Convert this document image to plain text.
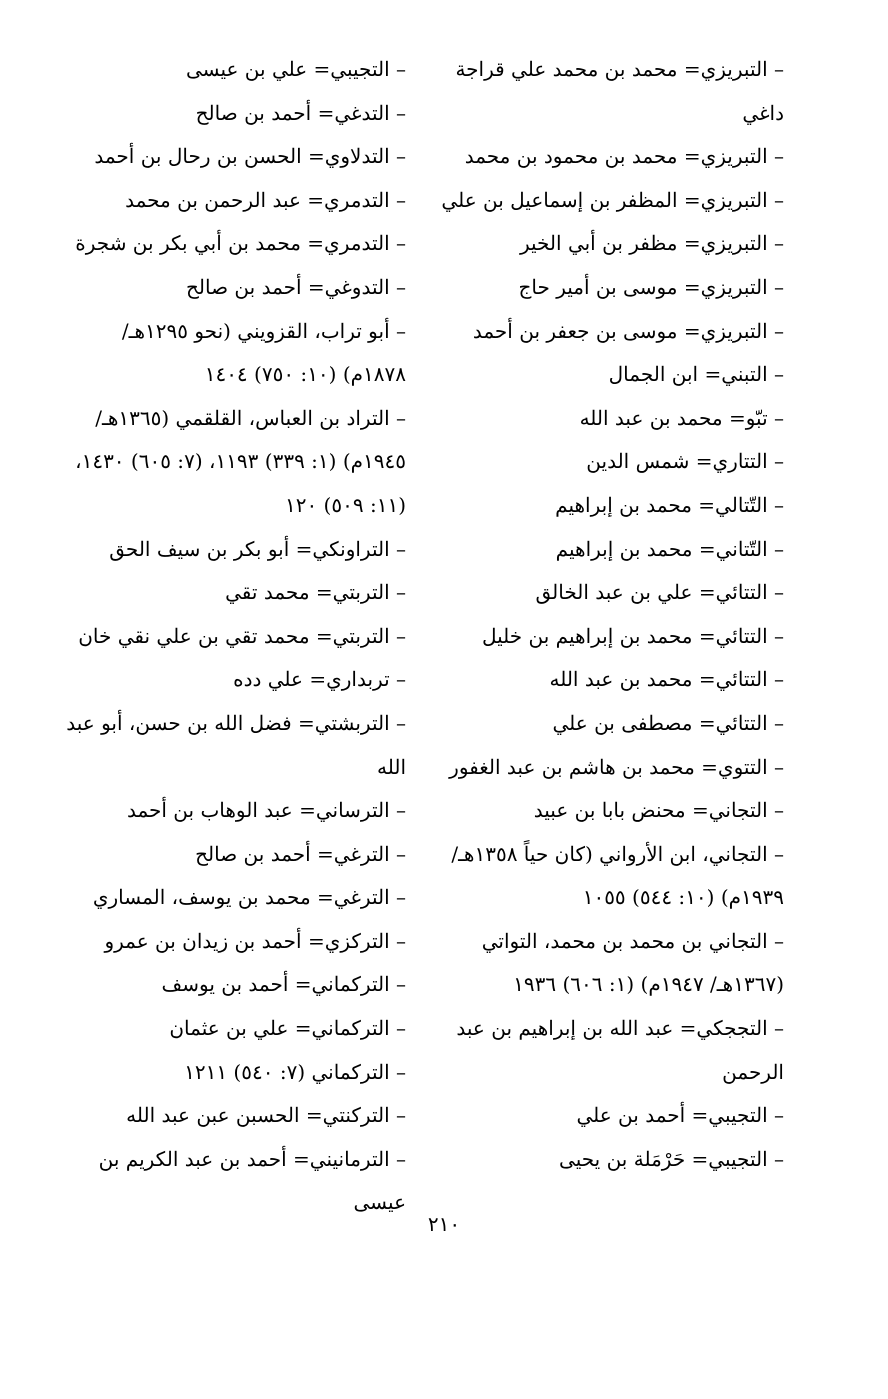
– التبريزي= محمد بن محمد علي قراجة داغي

– التبريزي= محمد بن محمود بن محمد

– التبريزي= المظفر بن إسماعيل بن علي

– التبريزي= مظفر بن أبي الخير

– التبريزي= موسى بن أمير حاج

– التبريزي= موسى بن جعفر بن أحمد

– التبني= ابن الجمال

– تبّو= محمد بن عبد الله

– التتاري= شمس الدين

– التّتالي= محمد بن إبراهيم

– التّتاني= محمد بن إبراهيم

– التتائي= علي بن عبد الخالق

– التتائي= محمد بن إبراهيم بن خليل

– التتائي= محمد بن عبد الله

– التتائي= مصطفى بن علي

– التتوي= محمد بن هاشم بن عبد الغفور

– التجاني= محنض بابا بن عبيد

– التجاني، ابن الأرواني (كان حياً ١٣٥٨هـ/ ١٩٣٩م) (١٠: ٥٤٤) ١٠٥٥

– التجاني بن محمد بن محمد، التواتي (١٣٦٧هـ/ ١٩٤٧م) (١: ٦٠٦) ١٩٣٦

– التججكي= عبد الله بن إبراهيم بن عبد الرحمن

– التجيبي= أحمد بن علي

– التجيبي= حَرْمَلة بن يحيى

– التجيبي= علي بن عيسى

– التدغي= أحمد بن صالح

– التدلاوي= الحسن بن رحال بن أحمد

– التدمري= عبد الرحمن بن محمد

– التدمري= محمد بن أبي بكر بن شجرة

– التدوغي= أحمد بن صالح

– أبو تراب، القزويني (نحو ١٢٩٥هـ/ ١٨٧٨م) (١٠: ٧٥٠) ١٤٠٤

– التراد بن العباس، القلقمي (١٣٦٥هـ/ ١٩٤٥م) (١: ٣٣٩) ١١٩٣، (٧: ٦٠٥) ١٤٣٠، (١١: ٥٠٩) ١٢٠

– التراونكي= أبو بكر بن سيف الحق

– التربتي= محمد تقي

– التربتي= محمد تقي بن علي نقي خان

– تربداري= علي دده

– التربشتي= فضل الله بن حسن، أبو عبد الله

– الترساني= عبد الوهاب بن أحمد

– الترغي= أحمد بن صالح

– الترغي= محمد بن يوسف، المساري

– التركزي= أحمد بن زيدان بن عمرو

– التركماني= أحمد بن يوسف

– التركماني= علي بن عثمان

– التركماني (٧: ٥٤٠) ١٢١١

– التركنتي= الحسبن عبن عبد الله

– الترمانيني= أحمد بن عبد الكريم بن عيسى

٢١٠
